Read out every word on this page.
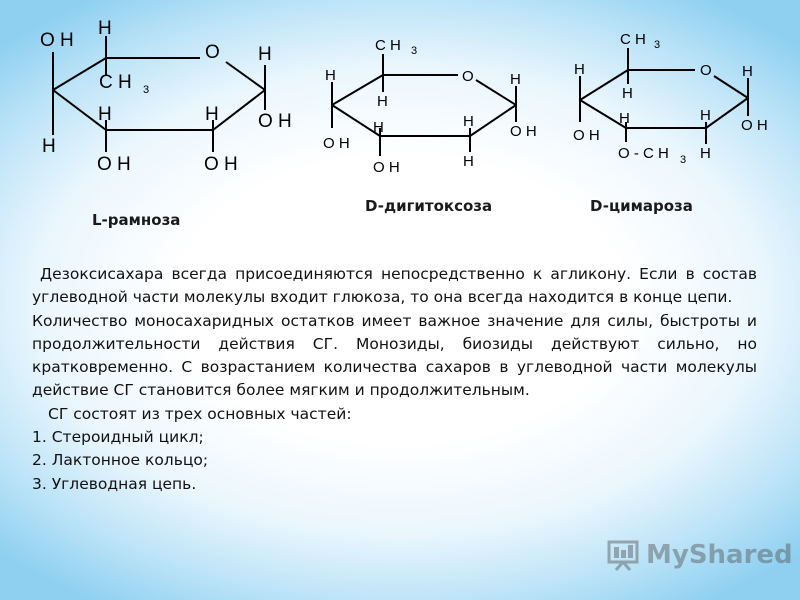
O H
H
C H 3
O H
H	H O H
H
O H	O H
C H 3
H	O H
H
O H
H	H
O H
O H	H
C H 3
H	O H
H
O H
H	H
O H
O - C H 3 H
L-рамноза
D-дигитоксоза	D-цимароза

Дезоксисахара всегда присоединяются непосредственно к агликону. Если в состав углеводной части молекулы входит глюкоза, то она всегда находится в конце цепи.

Количество моносахаридных остатков имеет важное значение для силы, быстроты и продолжительности действия СГ. Монозиды, биозиды действуют сильно, но кратковременно. С возрастанием количества сахаров в углеводной части молекулы действие СГ становится более мягким и продолжительным.

СГ состоят из трех основных частей:

1. Стероидный цикл;

2. Лактонное кольцо;

3. Углеводная цепь.

MyShared
